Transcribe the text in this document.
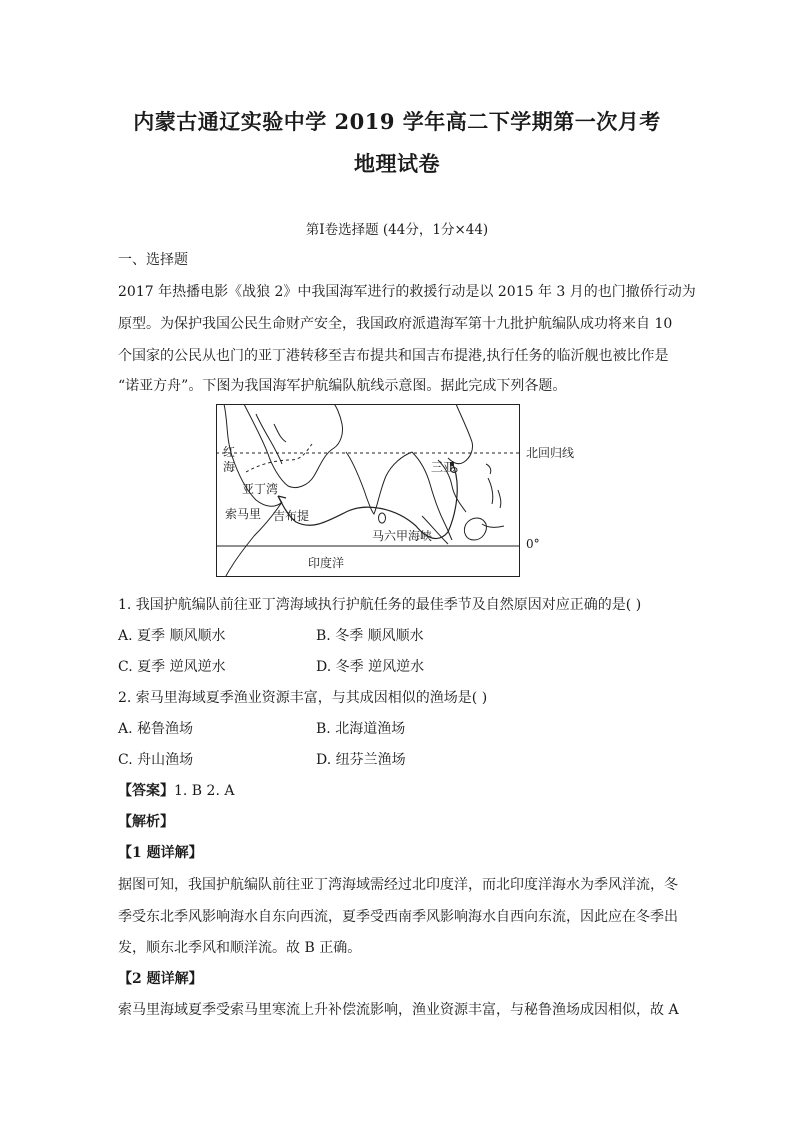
内蒙古通辽实验中学 2019 学年高二下学期第一次月考
地理试卷
第Ⅰ卷选择题 (44分，1分×44)
一、选择题
2017 年热播电影《战狼 2》中我国海军进行的救援行动是以 2015 年 3 月的也门撤侨行动为
原型。为保护我国公民生命财产安全，我国政府派遣海军第十九批护航编队成功将来自 10
个国家的公民从也门的亚丁港转移至吉布提共和国吉布提港,执行任务的临沂舰也被比作是
“诺亚方舟”。下图为我国海军护航编队航线示意图。据此完成下列各题。
红
海
亚丁湾
索马里 吉布提
三亚
马六甲海峡
印度洋
北回归线
0°
1. 我国护航编队前往亚丁湾海域执行护航任务的最佳季节及自然原因对应正确的是( )
A. 夏季 顺风顺水	B. 冬季 顺风顺水
C. 夏季 逆风逆水	D. 冬季 逆风逆水
2. 索马里海域夏季渔业资源丰富，与其成因相似的渔场是( )
A. 秘鲁渔场	B. 北海道渔场
C. 舟山渔场	D. 纽芬兰渔场
【答案】1. B 2. A
【解析】
【1 题详解】
据图可知，我国护航编队前往亚丁湾海域需经过北印度洋，而北印度洋海水为季风洋流，冬
季受东北季风影响海水自东向西流，夏季受西南季风影响海水自西向东流，因此应在冬季出
发，顺东北季风和顺洋流。故 B 正确。
【2 题详解】
索马里海域夏季受索马里寒流上升补偿流影响，渔业资源丰富，与秘鲁渔场成因相似，故 A
